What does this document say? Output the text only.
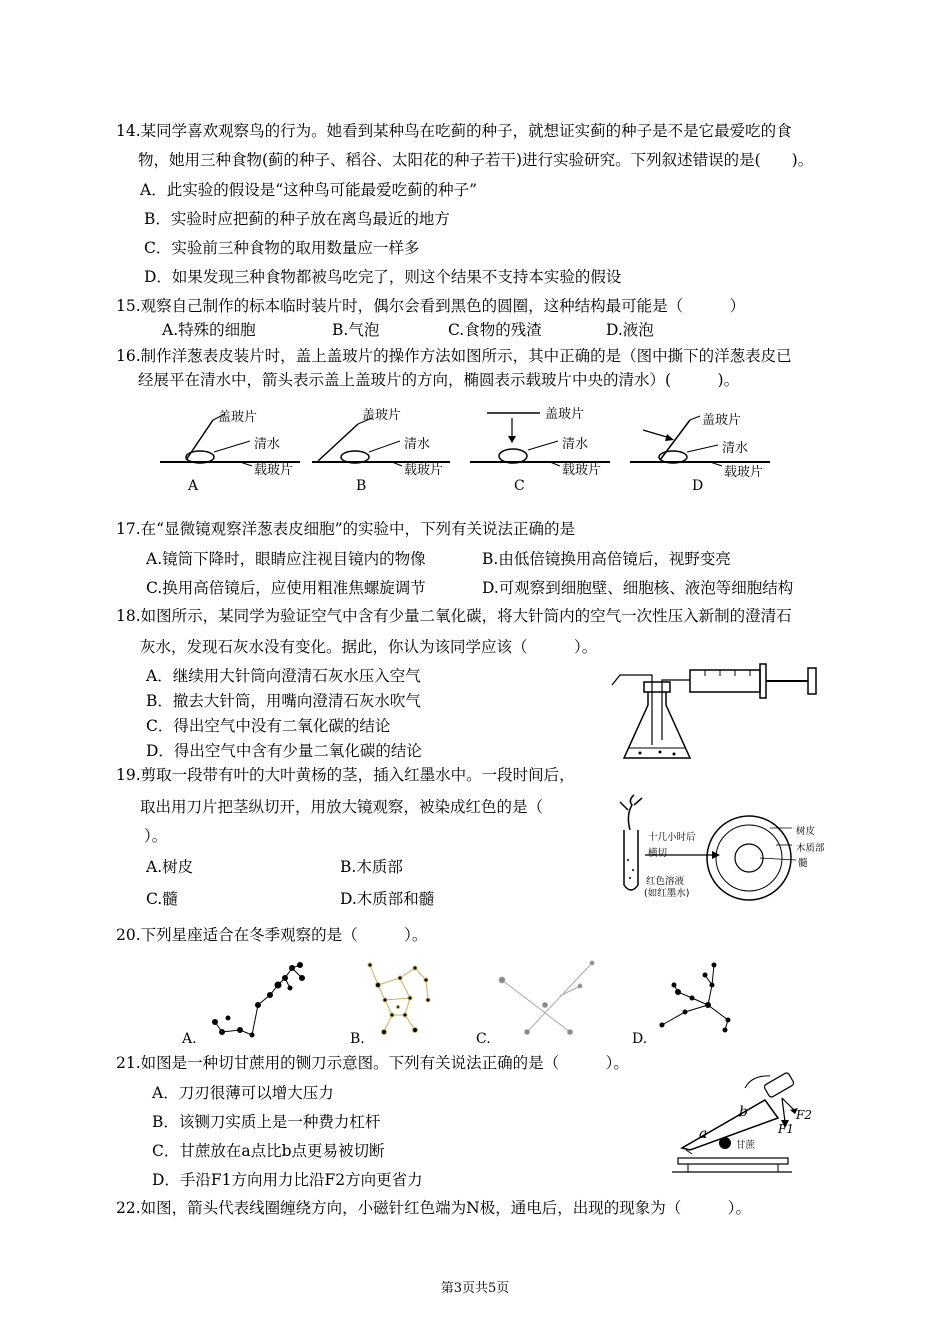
14.某同学喜欢观察鸟的行为。她看到某种鸟在吃蓟的种子，就想证实蓟的种子是不是它最爱吃的食
物，她用三种食物(蓟的种子、稻谷、太阳花的种子若干)进行实验研究。下列叙述错误的是(　　)。
A．此实验的假设是“这种鸟可能最爱吃蓟的种子”
B．实验时应把蓟的种子放在离鸟最近的地方
C．实验前三种食物的取用数量应一样多
D．如果发现三种食物都被鸟吃完了，则这个结果不支持本实验的假设
15.观察自己制作的标本临时装片时，偶尔会看到黑色的圆圈，这种结构最可能是（　　　）
A.特殊的细胞	B.气泡	C.食物的残渣	D.液泡
16.制作洋葱表皮装片时，盖上盖玻片的操作方法如图所示，其中正确的是（图中撕下的洋葱表皮已
经展平在清水中，箭头表示盖上盖玻片的方向，椭圆表示载玻片中央的清水）(　　　)。
盖玻片
清水
载玻片
A
盖玻片
清水
载玻片
B
盖玻片
清水
载玻片
C
盖玻片
清水
载玻片
D
17.在“显微镜观察洋葱表皮细胞”的实验中，下列有关说法正确的是
A.镜筒下降时，眼睛应注视目镜内的物像	B.由低倍镜换用高倍镜后，视野变亮
C.换用高倍镜后，应使用粗准焦螺旋调节	D.可观察到细胞壁、细胞核、液泡等细胞结构
18.如图所示，某同学为验证空气中含有少量二氧化碳，将大针筒内的空气一次性压入新制的澄清石
灰水，发现石灰水没有变化。据此，你认为该同学应该（　　　）。
A．继续用大针筒向澄清石灰水压入空气
B．撤去大针筒，用嘴向澄清石灰水吹气
C．得出空气中没有二氧化碳的结论
D．得出空气中含有少量二氧化碳的结论
19.剪取一段带有叶的大叶黄杨的茎，插入红墨水中。一段时间后，
取出用刀片把茎纵切开，用放大镜观察，被染成红色的是（
）。
A.树皮	B.木质部
C.髓	D.木质部和髓
十几小时后
横切
红色溶液
(如红墨水)
树皮
木质部
髓
20.下列星座适合在冬季观察的是（　　　）。
A.	B.	C.	D.
21.如图是一种切甘蔗用的铡刀示意图。下列有关说法正确的是（　　　）。
A．刀刃很薄可以增大压力
B．该铡刀实质上是一种费力杠杆
C．甘蔗放在a点比b点更易被切断
D．手沿F1方向用力比沿F2方向更省力
b
a	F1
F2
甘蔗
22.如图，箭头代表线圈缠绕方向，小磁针红色端为N极，通电后，出现的现象为（　　　）。
第3页共5页
